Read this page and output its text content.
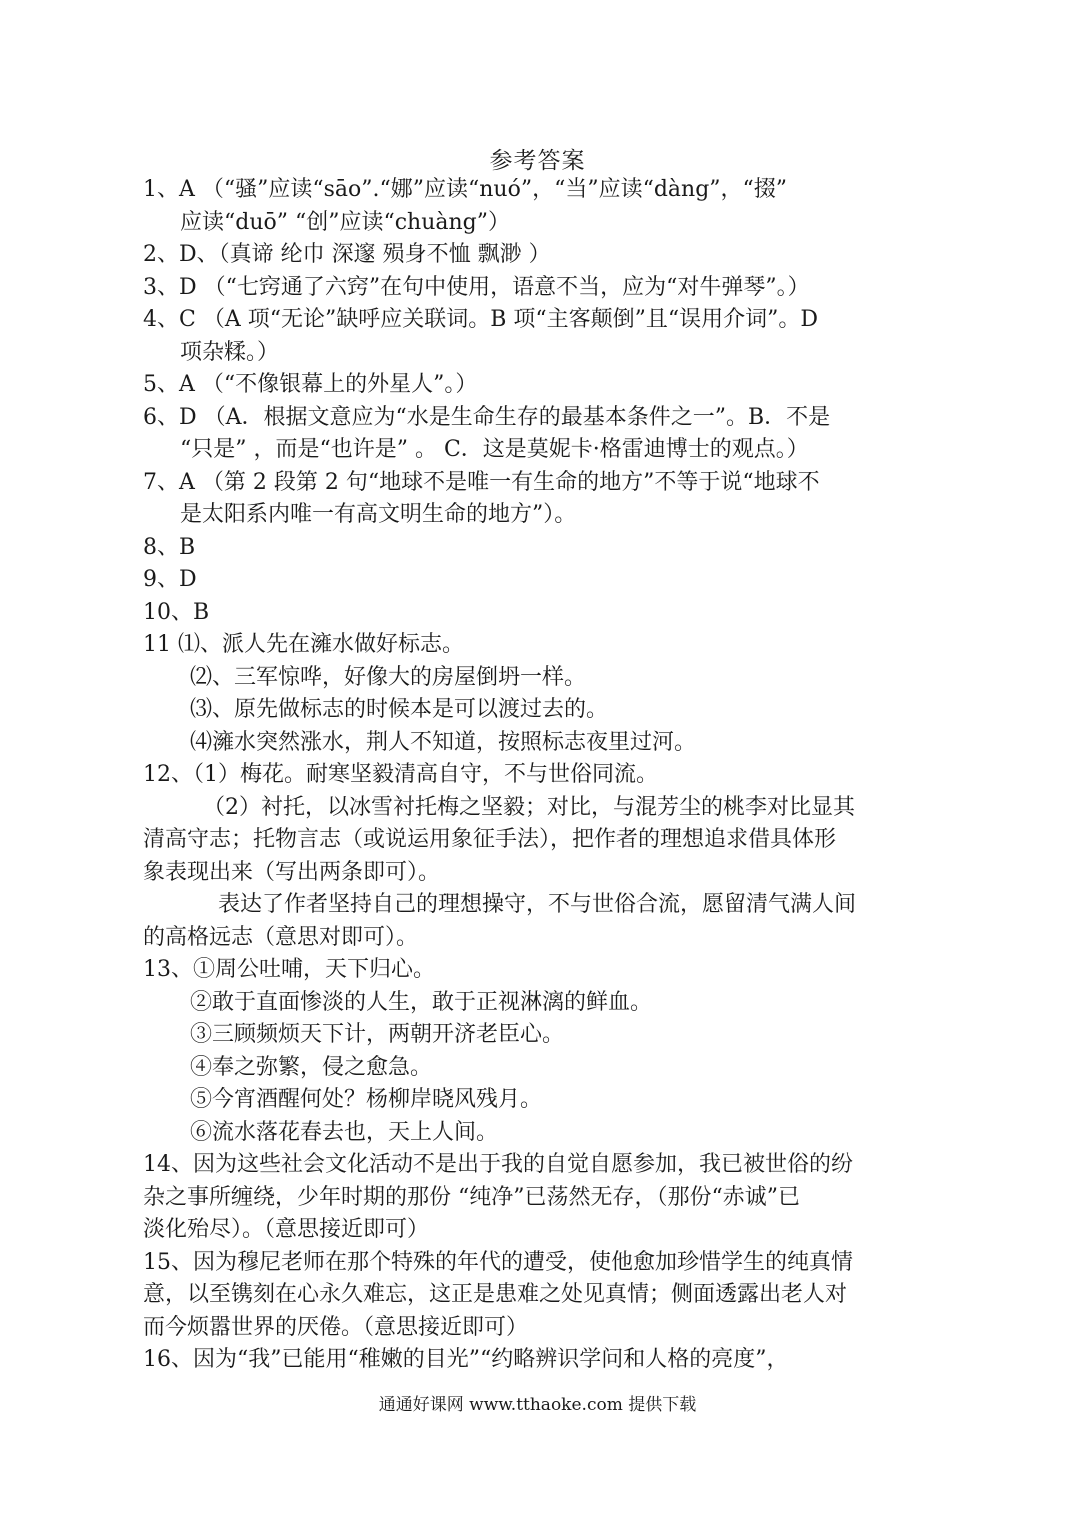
参考答案
1、A （“骚”应读“sāo”.“娜”应读“nuó”，“当”应读“dàng”，“掇”
应读“duō” “创”应读“chuàng”）
2、D、（真谛 纶巾 深邃 殒身不恤 飘渺 ）
3、D （“七窍通了六窍”在句中使用，语意不当，应为“对牛弹琴”。）
4、C （A 项“无论”缺呼应关联词。B 项“主客颠倒”且“误用介词”。D
项杂糅。）
5、A （“不像银幕上的外星人”。）
6、D （A．根据文意应为“水是生命生存的最基本条件之一”。B．不是
“只是” ，而是“也许是” 。 C．这是莫妮卡·格雷迪博士的观点。）
7、A （第 2 段第 2 句“地球不是唯一有生命的地方”不等于说“地球不
是太阳系内唯一有高文明生命的地方”）。
8、B
9、D
10、B
11 ⑴、派人先在澭水做好标志。
⑵、三军惊哗，好像大的房屋倒坍一样。
⑶、原先做标志的时候本是可以渡过去的。
⑷澭水突然涨水，荆人不知道，按照标志夜里过河。
12、（1）梅花。耐寒坚毅清高自守，不与世俗同流。
（2）衬托，以冰雪衬托梅之坚毅；对比，与混芳尘的桃李对比显其
清高守志；托物言志（或说运用象征手法），把作者的理想追求借具体形
象表现出来（写出两条即可）。
表达了作者坚持自己的理想操守，不与世俗合流，愿留清气满人间
的高格远志（意思对即可）。
13、①周公吐哺，天下归心。
②敢于直面惨淡的人生，敢于正视淋漓的鲜血。
③三顾频烦天下计，两朝开济老臣心。
④奉之弥繁，侵之愈急。
⑤今宵酒醒何处？杨柳岸晓风残月。
⑥流水落花春去也，天上人间。
14、因为这些社会文化活动不是出于我的自觉自愿参加，我已被世俗的纷
杂之事所缠绕，少年时期的那份 “纯净”已荡然无存，（那份“赤诚”已
淡化殆尽）。（意思接近即可）
15、因为穆尼老师在那个特殊的年代的遭受，使他愈加珍惜学生的纯真情
意，以至镌刻在心永久难忘，这正是患难之处见真情；侧面透露出老人对
而今烦嚣世界的厌倦。（意思接近即可）
16、因为“我”已能用“稚嫩的目光”“约略辨识学问和人格的亮度”，
通通好课网 www.tthaoke.com 提供下载
